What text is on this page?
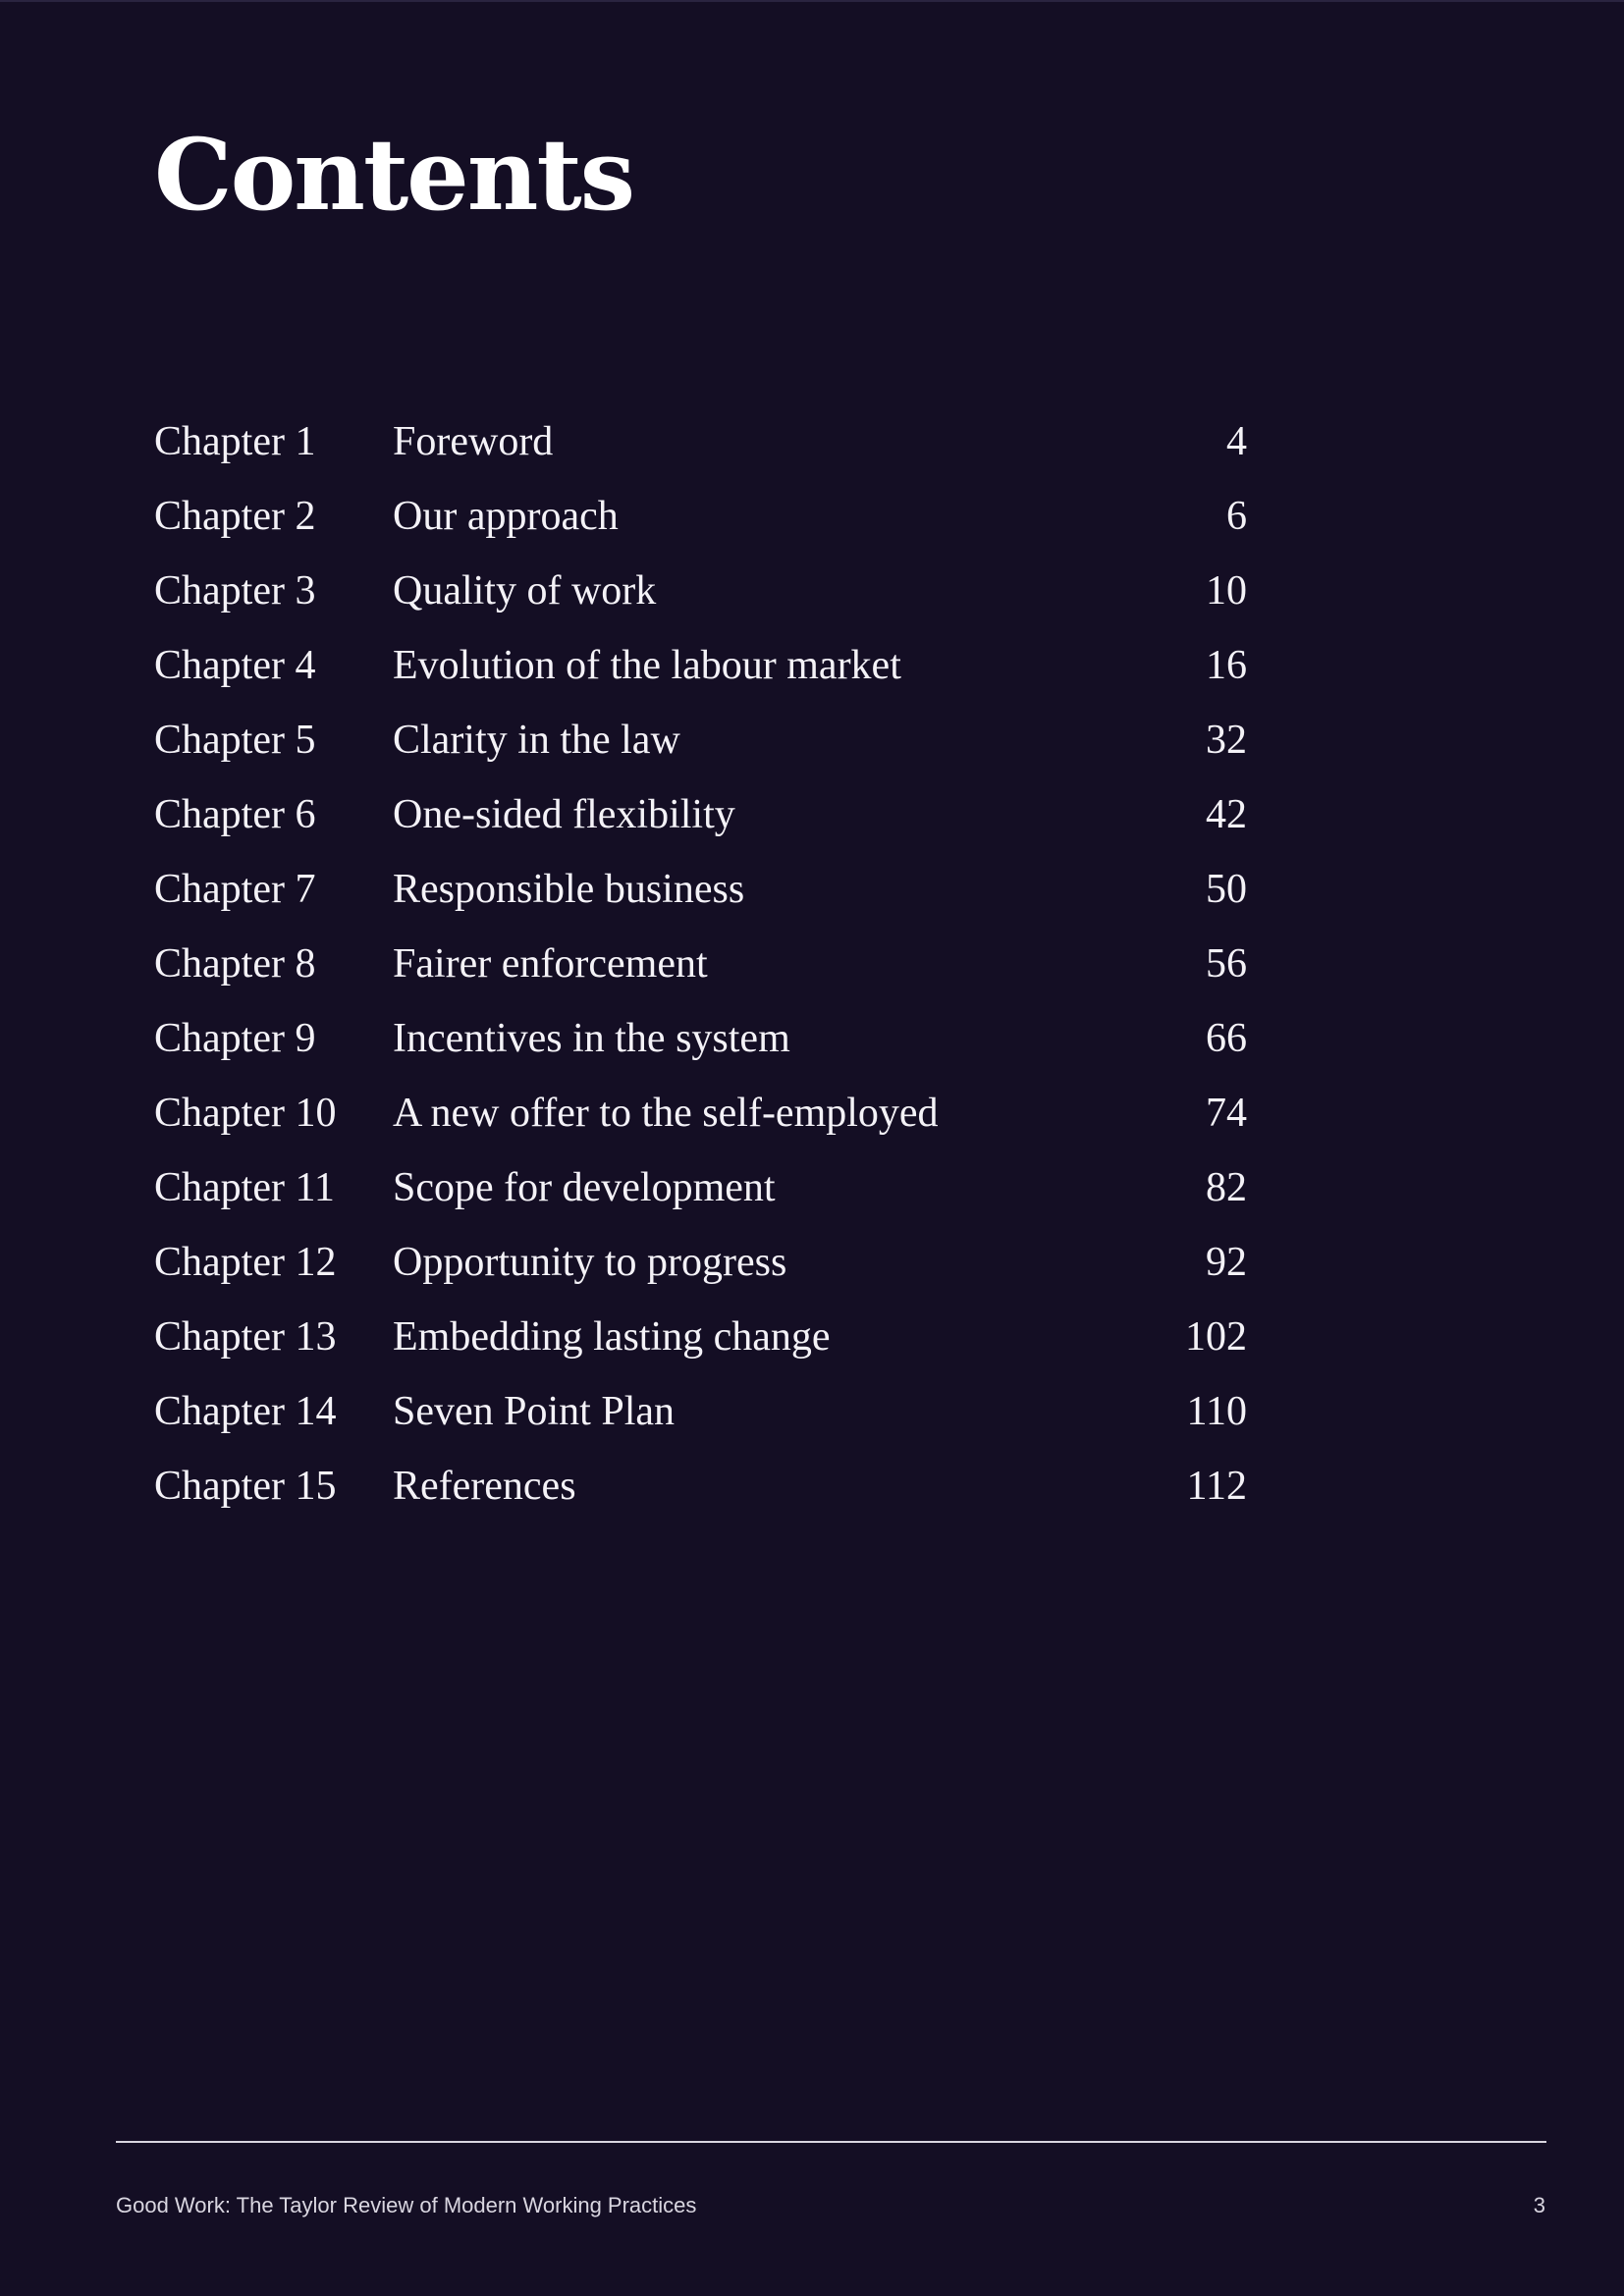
Contents
Chapter 1 Foreword	4
Chapter 2 Our approach	6
Chapter 3 Quality of work	10
Chapter 4 Evolution of the labour market	16
Chapter 5 Clarity in the law	32
Chapter 6 One-sided flexibility	42
Chapter 7 Responsible business	50
Chapter 8 Fairer enforcement	56
Chapter 9 Incentives in the system	66
Chapter 10 A new offer to the self-employed	74
Chapter 11 Scope for development	82
Chapter 12 Opportunity to progress	92
Chapter 13 Embedding lasting change	102
Chapter 14 Seven Point Plan	110
Chapter 15 References	112
Good Work: The Taylor Review of Modern Working Practices	3
